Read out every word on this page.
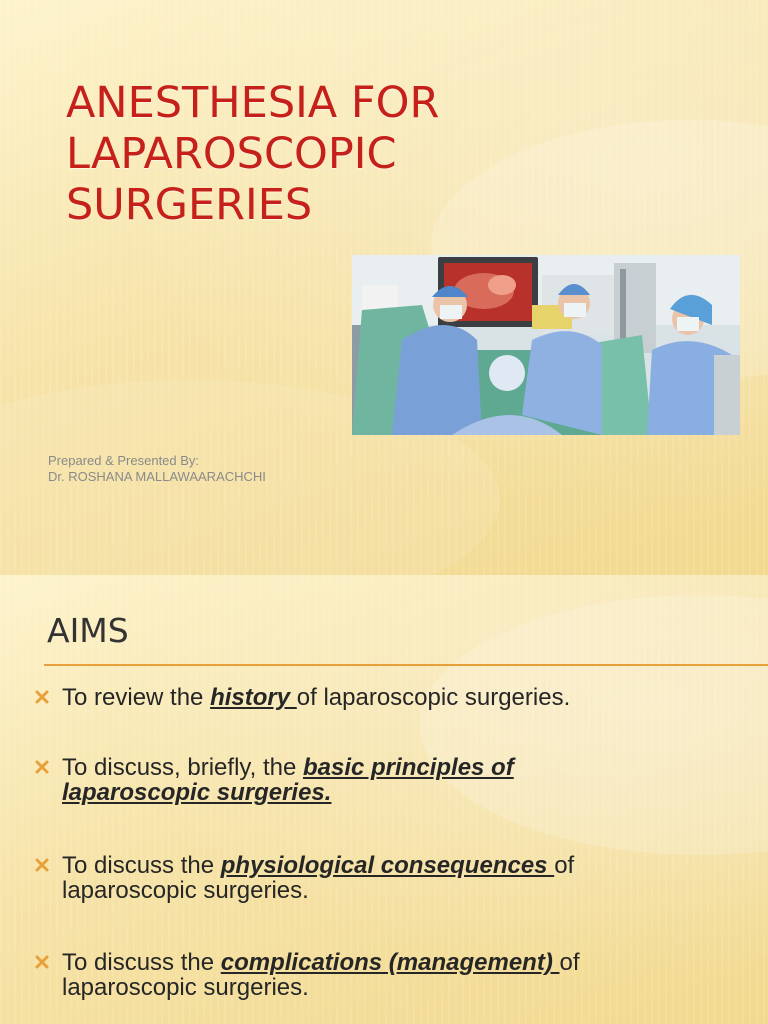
ANESTHESIA FOR
LAPAROSCOPIC
SURGERIES
Prepared & Presented By:
Dr. ROSHANA MALLAWAARACHCHI
AIMS
To review the history of laparoscopic surgeries.
To discuss, briefly, the basic principles of laparoscopic surgeries.
To discuss the physiological consequences of laparoscopic surgeries.
To discuss the complications (management) of laparoscopic surgeries.
